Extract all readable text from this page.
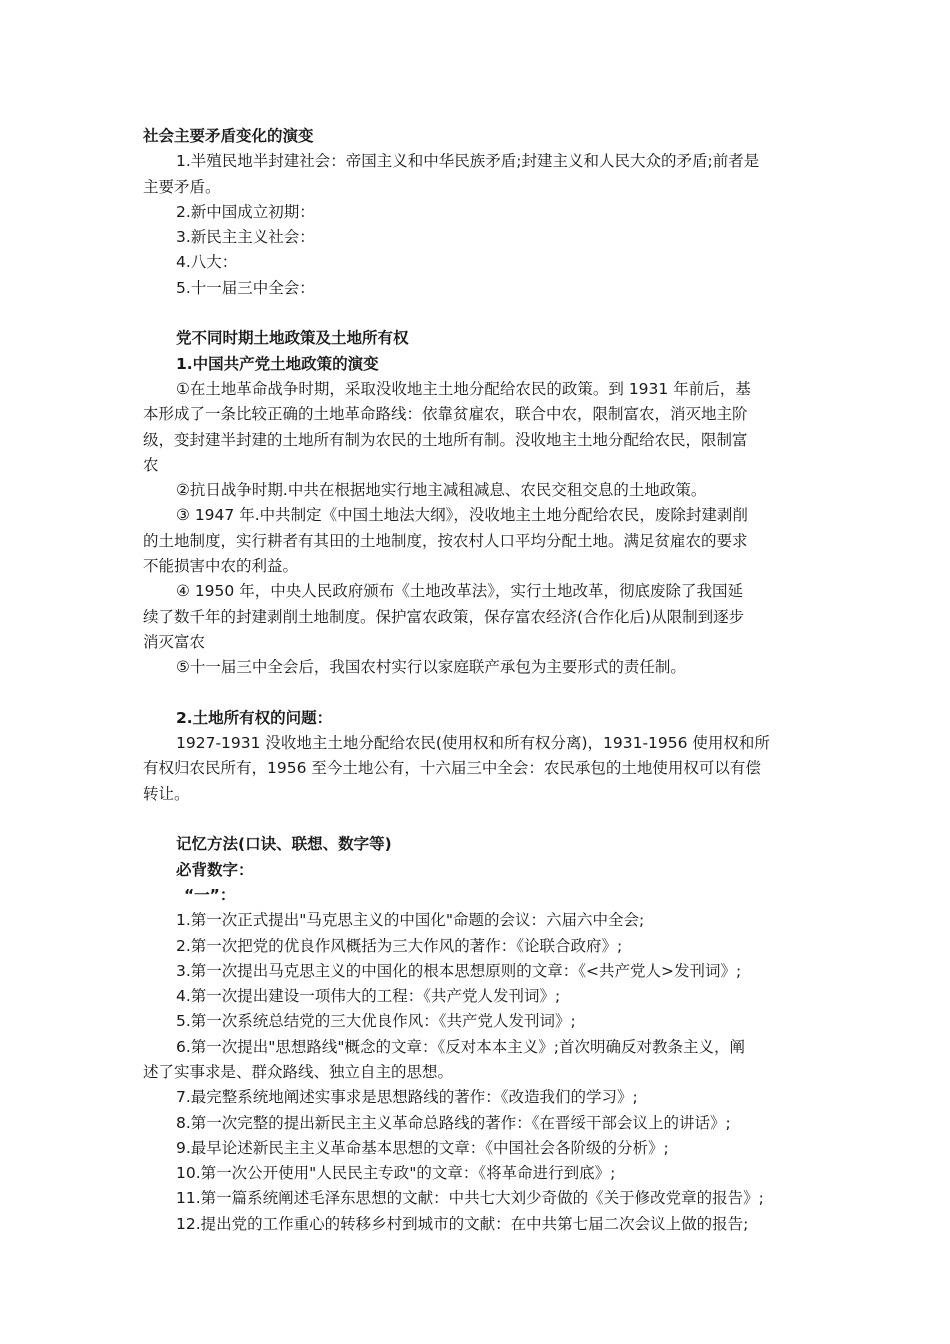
社会主要矛盾变化的演变
1.半殖民地半封建社会：帝国主义和中华民族矛盾;封建主义和人民大众的矛盾;前者是
主要矛盾。
2.新中国成立初期：
3.新民主主义社会：
4.八大：
5.十一届三中全会：
党不同时期土地政策及土地所有权
1.中国共产党土地政策的演变
①在土地革命战争时期，采取没收地主土地分配给农民的政策。到 1931 年前后，基
本形成了一条比较正确的土地革命路线：依靠贫雇农，联合中农，限制富农，消灭地主阶
级，变封建半封建的土地所有制为农民的土地所有制。没收地主土地分配给农民，限制富
农
②抗日战争时期.中共在根据地实行地主减租减息、农民交租交息的土地政策。
③ 1947 年.中共制定《中国土地法大纲》，没收地主土地分配给农民，废除封建剥削
的土地制度，实行耕者有其田的土地制度，按农村人口平均分配土地。满足贫雇农的要求
不能损害中农的利益。
④ 1950 年，中央人民政府颁布《土地改革法》，实行土地改革，彻底废除了我国延
续了数千年的封建剥削土地制度。保护富农政策，保存富农经济(合作化后)从限制到逐步
消灭富农
⑤十一届三中全会后，我国农村实行以家庭联产承包为主要形式的责任制。
2.土地所有权的问题：
1927-1931 没收地主土地分配给农民(使用权和所有权分离)，1931-1956 使用权和所
有权归农民所有，1956 至今土地公有，十六届三中全会：农民承包的土地使用权可以有偿
转让。
记忆方法(口诀、联想、数字等)
必背数字：
“一”：
1.第一次正式提出"马克思主义的中国化"命题的会议：六届六中全会;
2.第一次把党的优良作风概括为三大作风的著作：《论联合政府》;
3.第一次提出马克思主义的中国化的根本思想原则的文章：《<共产党人>发刊词》;
4.第一次提出建设一项伟大的工程：《共产党人发刊词》;
5.第一次系统总结党的三大优良作风：《共产党人发刊词》;
6.第一次提出"思想路线"概念的文章：《反对本本主义》;首次明确反对教条主义，阐
述了实事求是、群众路线、独立自主的思想。
7.最完整系统地阐述实事求是思想路线的著作：《改造我们的学习》;
8.第一次完整的提出新民主主义革命总路线的著作：《在晋绥干部会议上的讲话》;
9.最早论述新民主主义革命基本思想的文章：《中国社会各阶级的分析》;
10.第一次公开使用"人民民主专政"的文章：《将革命进行到底》;
11.第一篇系统阐述毛泽东思想的文献：中共七大刘少奇做的《关于修改党章的报告》;
12.提出党的工作重心的转移乡村到城市的文献：在中共第七届二次会议上做的报告;
